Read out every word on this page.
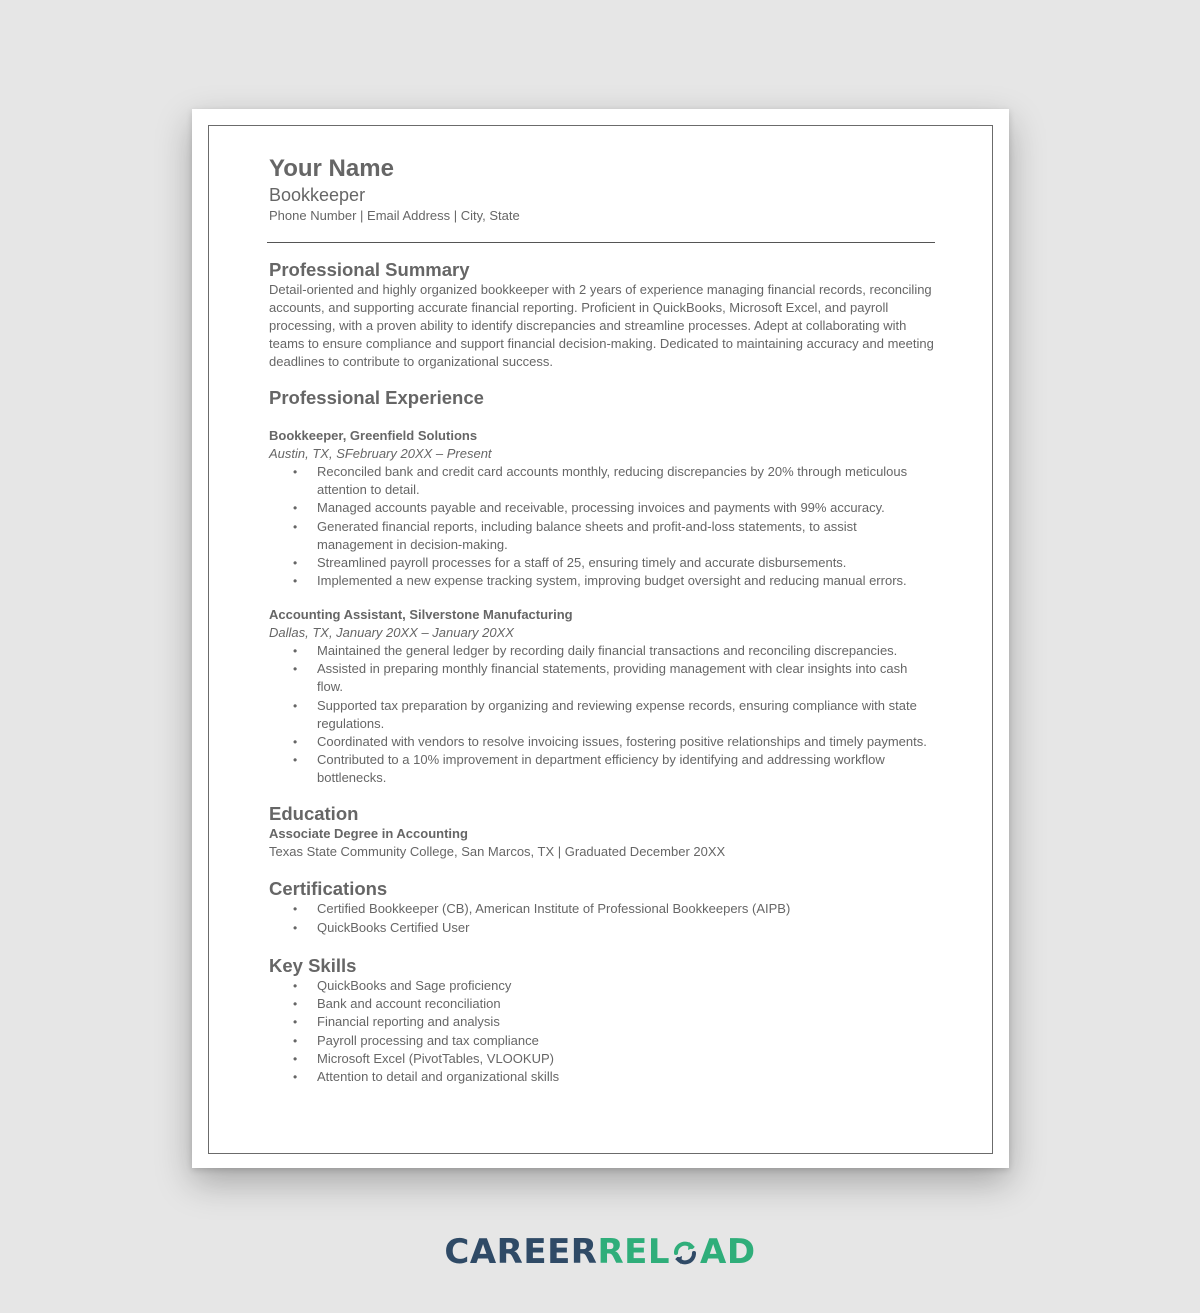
Your Name
Bookkeeper
Phone Number | Email Address | City, State
Professional Summary

Detail-oriented and highly organized bookkeeper with 2 years of experience managing financial records, reconciling accounts, and supporting accurate financial reporting. Proficient in QuickBooks, Microsoft Excel, and payroll processing, with a proven ability to identify discrepancies and streamline processes. Adept at collaborating with teams to ensure compliance and support financial decision-making. Dedicated to maintaining accuracy and meeting deadlines to contribute to organizational success.

Professional Experience
Bookkeeper, Greenfield Solutions
Austin, TX, SFebruary 20XX – Present
• Reconciled bank and credit card accounts monthly, reducing discrepancies by 20% through meticulous attention to detail.
• Managed accounts payable and receivable, processing invoices and payments with 99% accuracy.
• Generated financial reports, including balance sheets and profit-and-loss statements, to assist management in decision-making.
• Streamlined payroll processes for a staff of 25, ensuring timely and accurate disbursements.
• Implemented a new expense tracking system, improving budget oversight and reducing manual errors.
Accounting Assistant, Silverstone Manufacturing
Dallas, TX, January 20XX – January 20XX
• Maintained the general ledger by recording daily financial transactions and reconciling discrepancies.
• Assisted in preparing monthly financial statements, providing management with clear insights into cash flow.
• Supported tax preparation by organizing and reviewing expense records, ensuring compliance with state regulations.
• Coordinated with vendors to resolve invoicing issues, fostering positive relationships and timely payments.
• Contributed to a 10% improvement in department efficiency by identifying and addressing workflow bottlenecks.
Education
Associate Degree in Accounting
Texas State Community College, San Marcos, TX | Graduated December 20XX
Certifications
• Certified Bookkeeper (CB), American Institute of Professional Bookkeepers (AIPB)
• QuickBooks Certified User
Key Skills
• QuickBooks and Sage proficiency
• Bank and account reconciliation
• Financial reporting and analysis
• Payroll processing and tax compliance
• Microsoft Excel (PivotTables, VLOOKUP)
• Attention to detail and organizational skills
CAREERREL AD
